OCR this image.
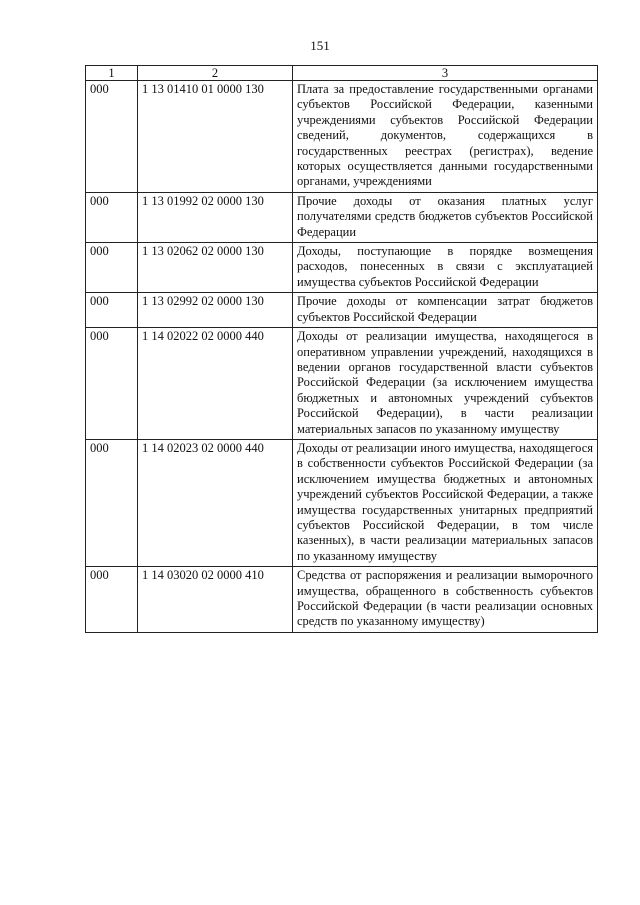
151
1	2	3
000	1 13 01410 01 0000 130	Плата за предоставление государственными органами субъектов Российской Федерации, казенными учреждениями субъектов Российской Федерации сведений, документов, содержащихся в государственных реестрах (регистрах), ведение которых осуществляется данными государственными органами, учреждениями
000	1 13 01992 02 0000 130	Прочие доходы от оказания платных услуг получателями средств бюджетов субъектов Российской Федерации
000	1 13 02062 02 0000 130	Доходы, поступающие в порядке возмещения расходов, понесенных в связи с эксплуатацией имущества субъектов Российской Федерации
000	1 13 02992 02 0000 130	Прочие доходы от компенсации затрат бюджетов субъектов Российской Федерации
000	1 14 02022 02 0000 440	Доходы от реализации имущества, находящегося в оперативном управлении учреждений, находящихся в ведении органов государственной власти субъектов Российской Федерации (за исключением имущества бюджетных и автономных учреждений субъектов Российской Федерации), в части реализации материальных запасов по указанному имуществу
000	1 14 02023 02 0000 440	Доходы от реализации иного имущества, находящегося в собственности субъектов Российской Федерации (за исключением имущества бюджетных и автономных учреждений субъектов Российской Федерации, а также имущества государственных унитарных предприятий субъектов Российской Федерации, в том числе казенных), в части реализации материальных запасов по указанному имуществу
000	1 14 03020 02 0000 410	Средства от распоряжения и реализации выморочного имущества, обращенного в собственность субъектов Российской Федерации (в части реализации основных средств по указанному имуществу)
